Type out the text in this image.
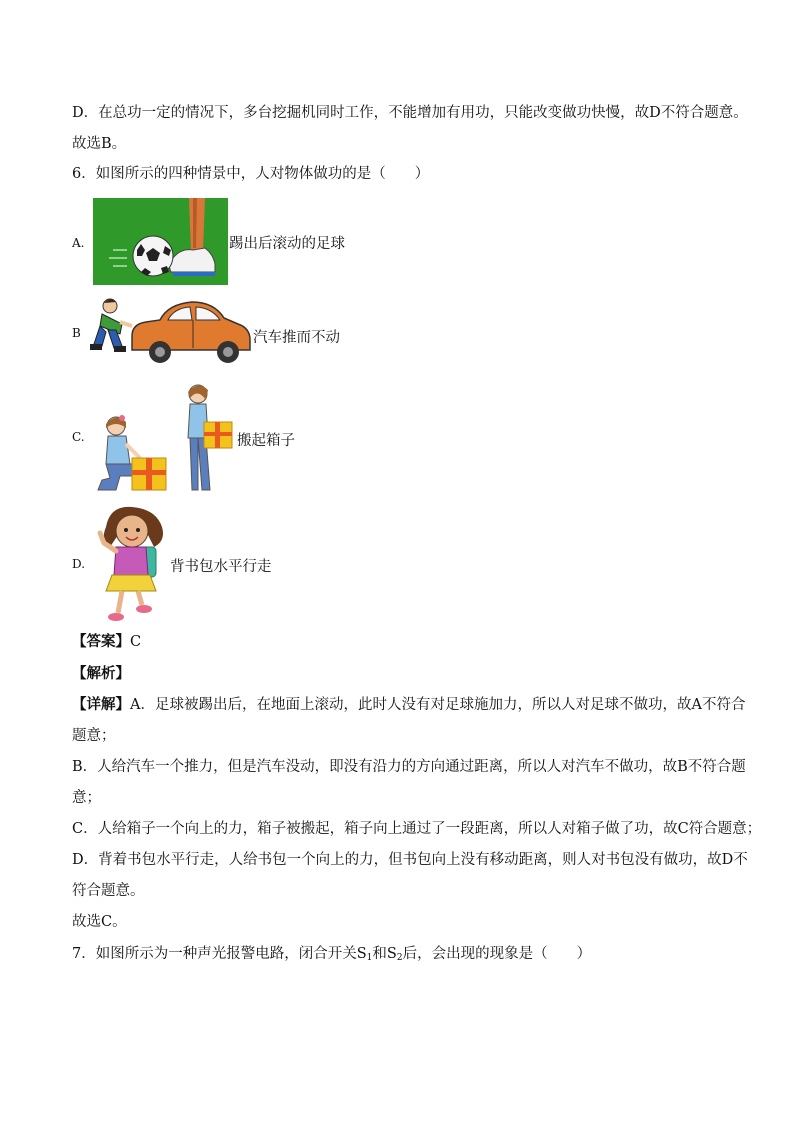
D．在总功一定的情况下，多台挖掘机同时工作，不能增加有用功，只能改变做功快慢，故D不符合题意。
故选B。
6．如图所示的四种情景中，人对物体做功的是（　　）
A.	踢出后滚动的足球
B	汽车推而不动
C.	搬起箱子
D.	背书包水平行走
【答案】C
【解析】
【详解】A．足球被踢出后，在地面上滚动，此时人没有对足球施加力，所以人对足球不做功，故A不符合
题意；
B．人给汽车一个推力，但是汽车没动，即没有沿力的方向通过距离，所以人对汽车不做功，故B不符合题
意；
C．人给箱子一个向上的力，箱子被搬起，箱子向上通过了一段距离，所以人对箱子做了功，故C符合题意；
D．背着书包水平行走，人给书包一个向上的力，但书包向上没有移动距离，则人对书包没有做功，故D不
符合题意。
故选C。
7．如图所示为一种声光报警电路，闭合开关$S_1$和$S_2$后，会出现的现象是（　　）
